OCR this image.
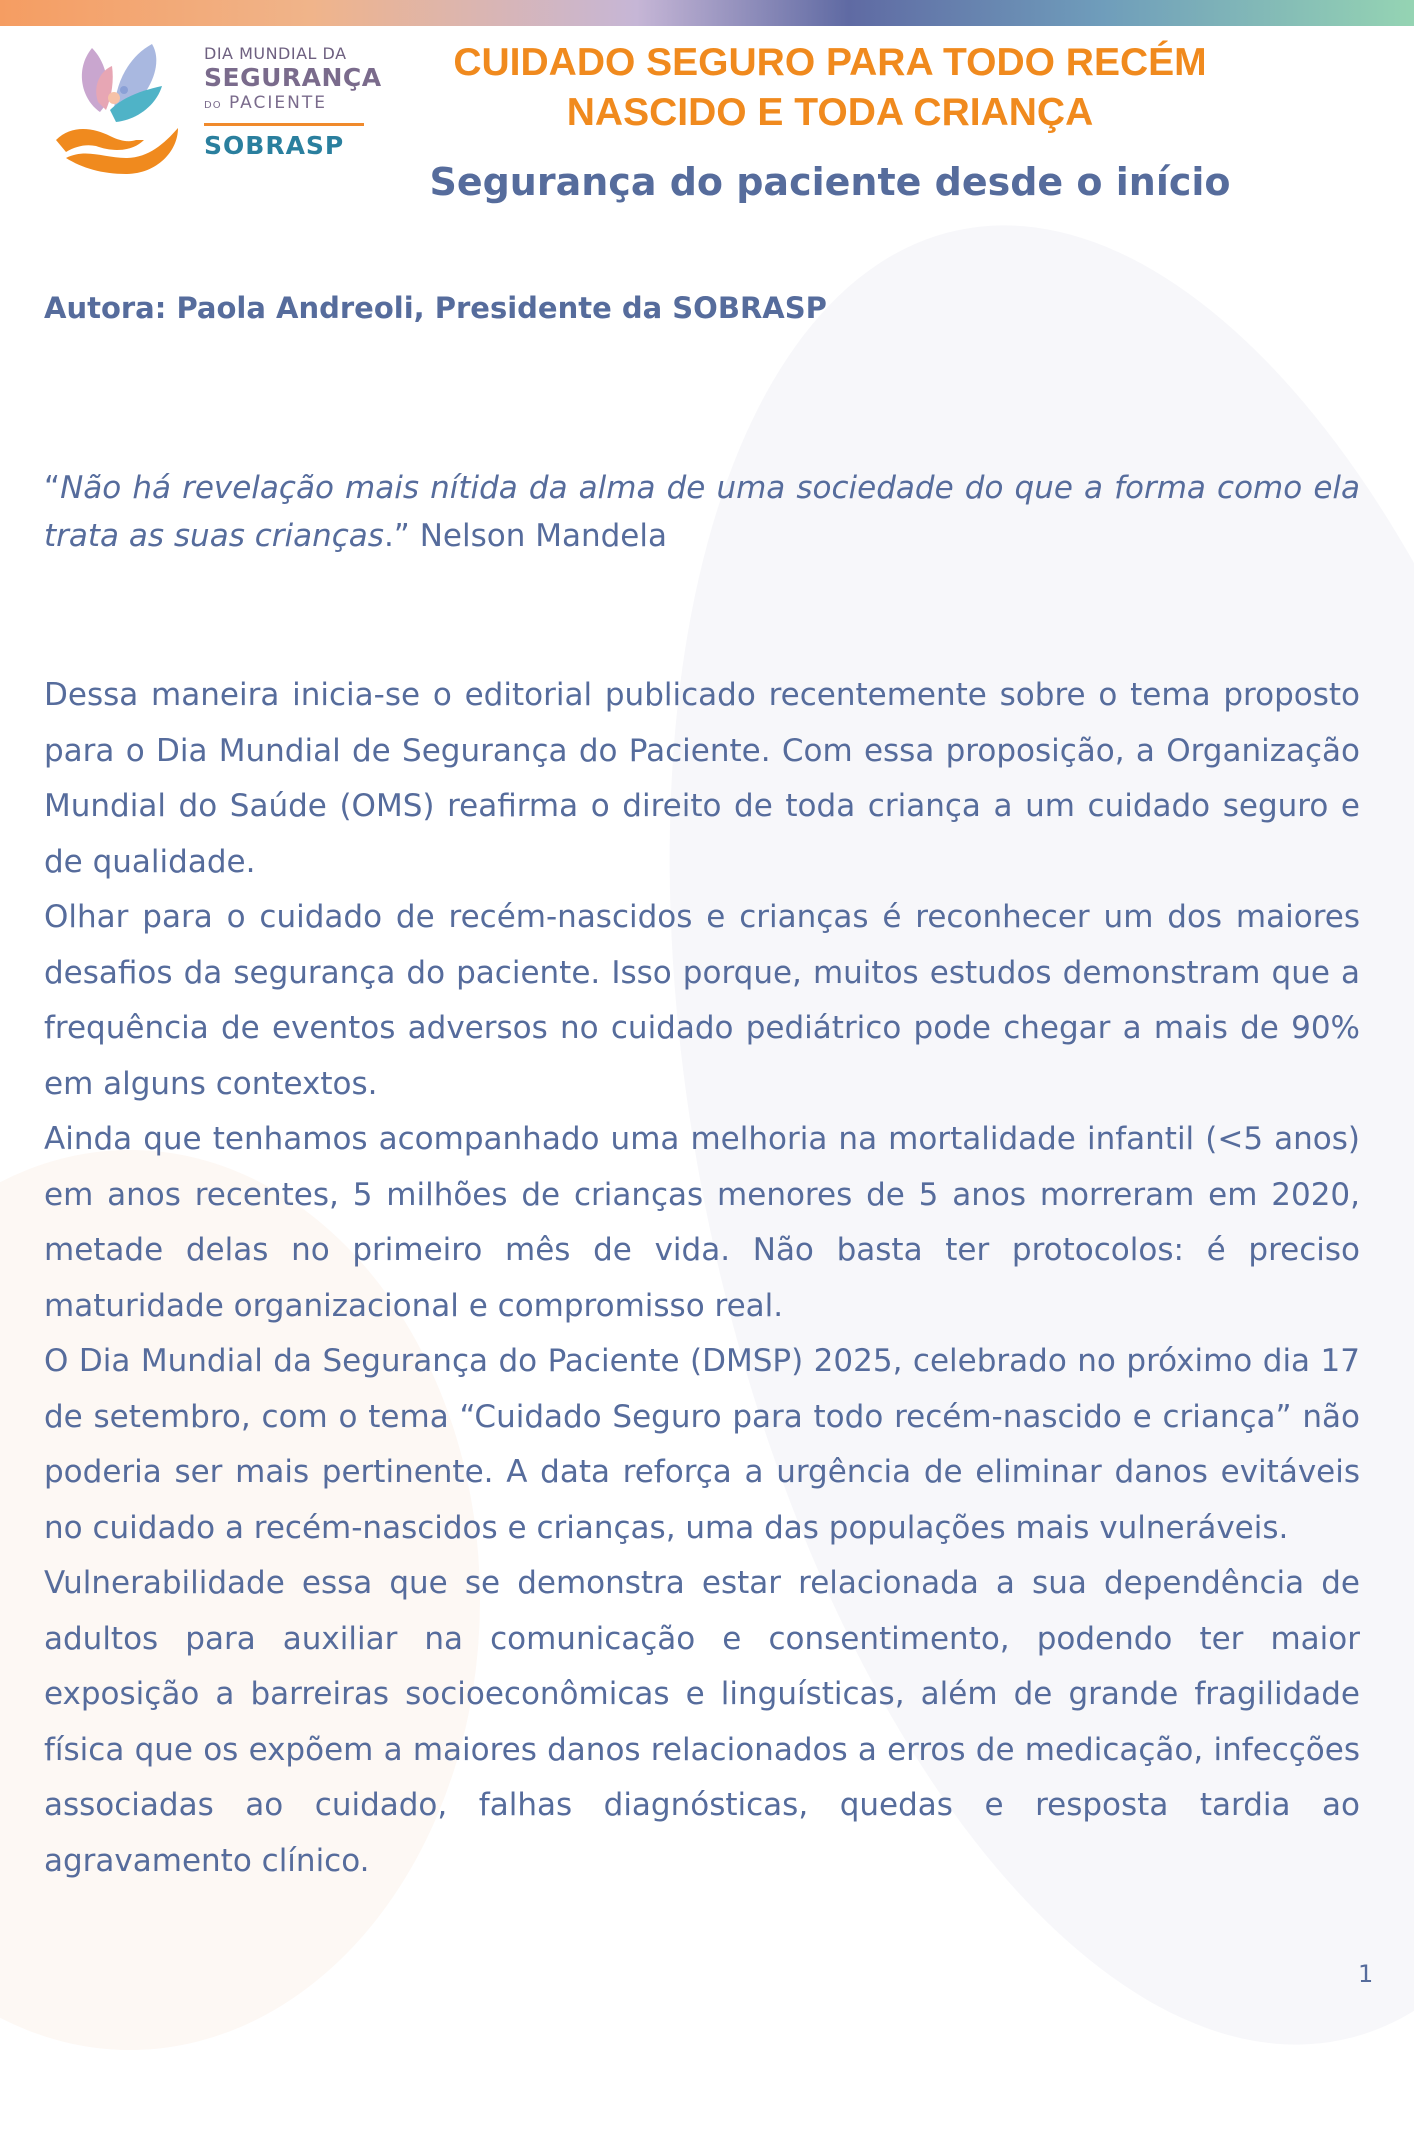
DIA MUNDIAL DA
SEGURANÇA
DO PACIENTE
SOBRASP
CUIDADO SEGURO PARA TODO RECÉM NASCIDO E TODA CRIANÇA
Segurança do paciente desde o início

Autora: Paola Andreoli, Presidente da SOBRASP

“Não há revelação mais nítida da alma de uma sociedade do que a forma como ela trata as suas crianças.” Nelson Mandela

Dessa maneira inicia-se o editorial publicado recentemente sobre o tema proposto para o Dia Mundial de Segurança do Paciente. Com essa proposição, a Organização Mundial do Saúde (OMS) reafirma o direito de toda criança a um cuidado seguro e de qualidade.

Olhar para o cuidado de recém-nascidos e crianças é reconhecer um dos maiores desafios da segurança do paciente. Isso porque, muitos estudos demonstram que a frequência de eventos adversos no cuidado pediátrico pode chegar a mais de 90% em alguns contextos.

Ainda que tenhamos acompanhado uma melhoria na mortalidade infantil (<5 anos) em anos recentes, 5 milhões de crianças menores de 5 anos morreram em 2020, metade delas no primeiro mês de vida. Não basta ter protocolos: é preciso maturidade organizacional e compromisso real.

O Dia Mundial da Segurança do Paciente (DMSP) 2025, celebrado no próximo dia 17 de setembro, com o tema “Cuidado Seguro para todo recém-nascido e criança” não poderia ser mais pertinente. A data reforça a urgência de eliminar danos evitáveis no cuidado a recém-nascidos e crianças, uma das populações mais vulneráveis.

Vulnerabilidade essa que se demonstra estar relacionada a sua dependência de adultos para auxiliar na comunicação e consentimento, podendo ter maior exposição a barreiras socioeconômicas e linguísticas, além de grande fragilidade física que os expõem a maiores danos relacionados a erros de medicação, infecções associadas ao cuidado, falhas diagnósticas, quedas e resposta tardia ao agravamento clínico.

1
